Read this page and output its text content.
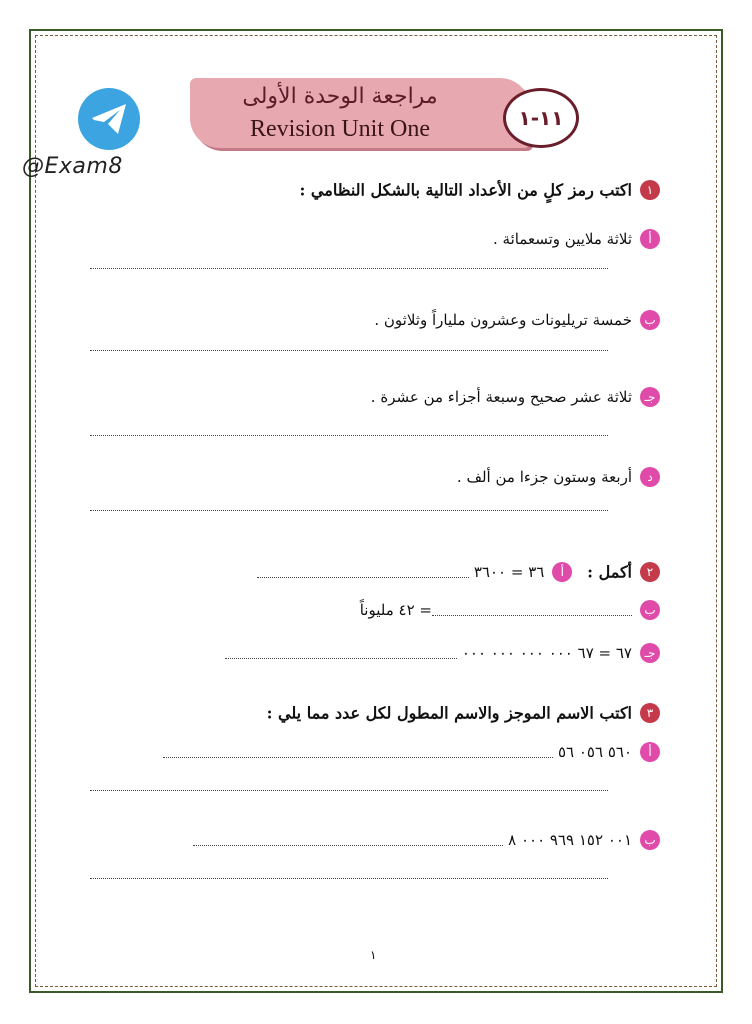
@Exam8
مراجعة الوحدة الأولى
Revision Unit One	١١-١
١اكتب رمز كلٍ من الأعداد التالية بالشكل النظامي :
أثلاثة ملايين وتسعمائة .
بخمسة تريليونات وعشرون ملياراً وثلاثون .
جـثلاثة عشر صحيح وسبعة أجزاء من عشرة .
دأربعة وستون جزءا من ألف .
٢أكمل : أ٣٦ = ٣٦٠٠
ب= ٤٢ مليوناً
جـ٦٧ = ٦٧ ٠٠٠ ٠٠٠ ٠٠٠ ٠٠٠
٣اكتب الاسم الموجز والاسم المطول لكل عدد مما يلي :
أ٥٦٠ ٠٥٦ ٥٦
ب٠٠١ ١٥٢ ٩٦٩ ٠٠٠ ٨
١
